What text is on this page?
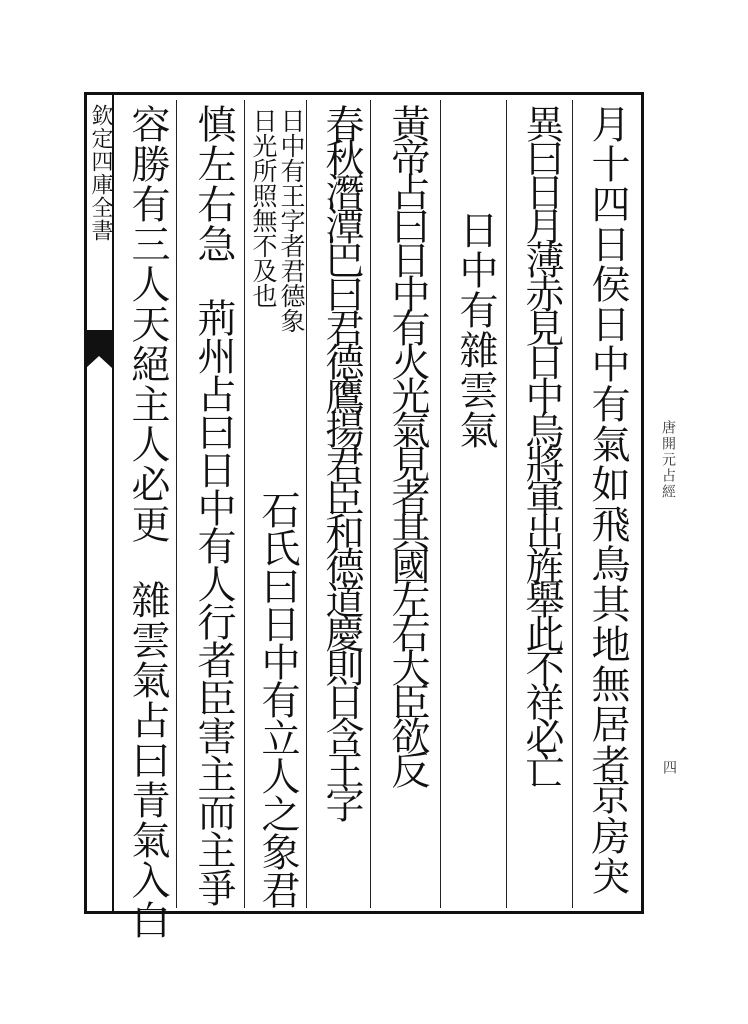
欽定四庫全書
唐開元占經
四
月十四日侯日中有氣如飛鳥其地無居者
京房宊
異曰日月薄赤見日中烏將軍出旌舉此不祥必亡
日中有雜雲氣
黃帝占曰日中有火光氣見者其國左右大臣欲反
春秋潛潭巴曰君德鷹揚君臣和德道慶則日含王字
日中有王字者君德象
日光所照無不及也
石氏曰日中有立人之象君
慎左右急
荊州占曰日中有人行者臣害主而主爭
容勝有三人天絕主人必更
雜雲氣占曰青氣入白
